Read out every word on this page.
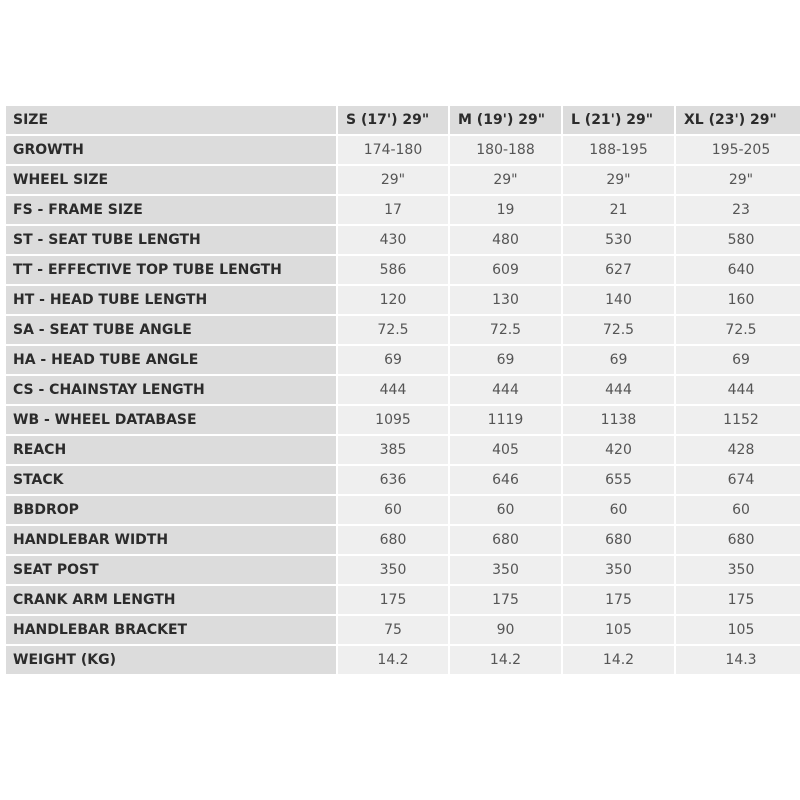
SIZE	S (17') 29"	M (19') 29"	L (21') 29"	XL (23') 29"
GROWTH	174-180	180-188	188-195	195-205
WHEEL SIZE	29"	29"	29"	29"
FS - FRAME SIZE	17	19	21	23
ST - SEAT TUBE LENGTH	430	480	530	580
TT - EFFECTIVE TOP TUBE LENGTH	586	609	627	640
HT - HEAD TUBE LENGTH	120	130	140	160
SA - SEAT TUBE ANGLE	72.5	72.5	72.5	72.5
HA - HEAD TUBE ANGLE	69	69	69	69
CS - CHAINSTAY LENGTH	444	444	444	444
WB - WHEEL DATABASE	1095	1119	1138	1152
REACH	385	405	420	428
STACK	636	646	655	674
BBDROP	60	60	60	60
HANDLEBAR WIDTH	680	680	680	680
SEAT POST	350	350	350	350
CRANK ARM LENGTH	175	175	175	175
HANDLEBAR BRACKET	75	90	105	105
WEIGHT (KG)	14.2	14.2	14.2	14.3
